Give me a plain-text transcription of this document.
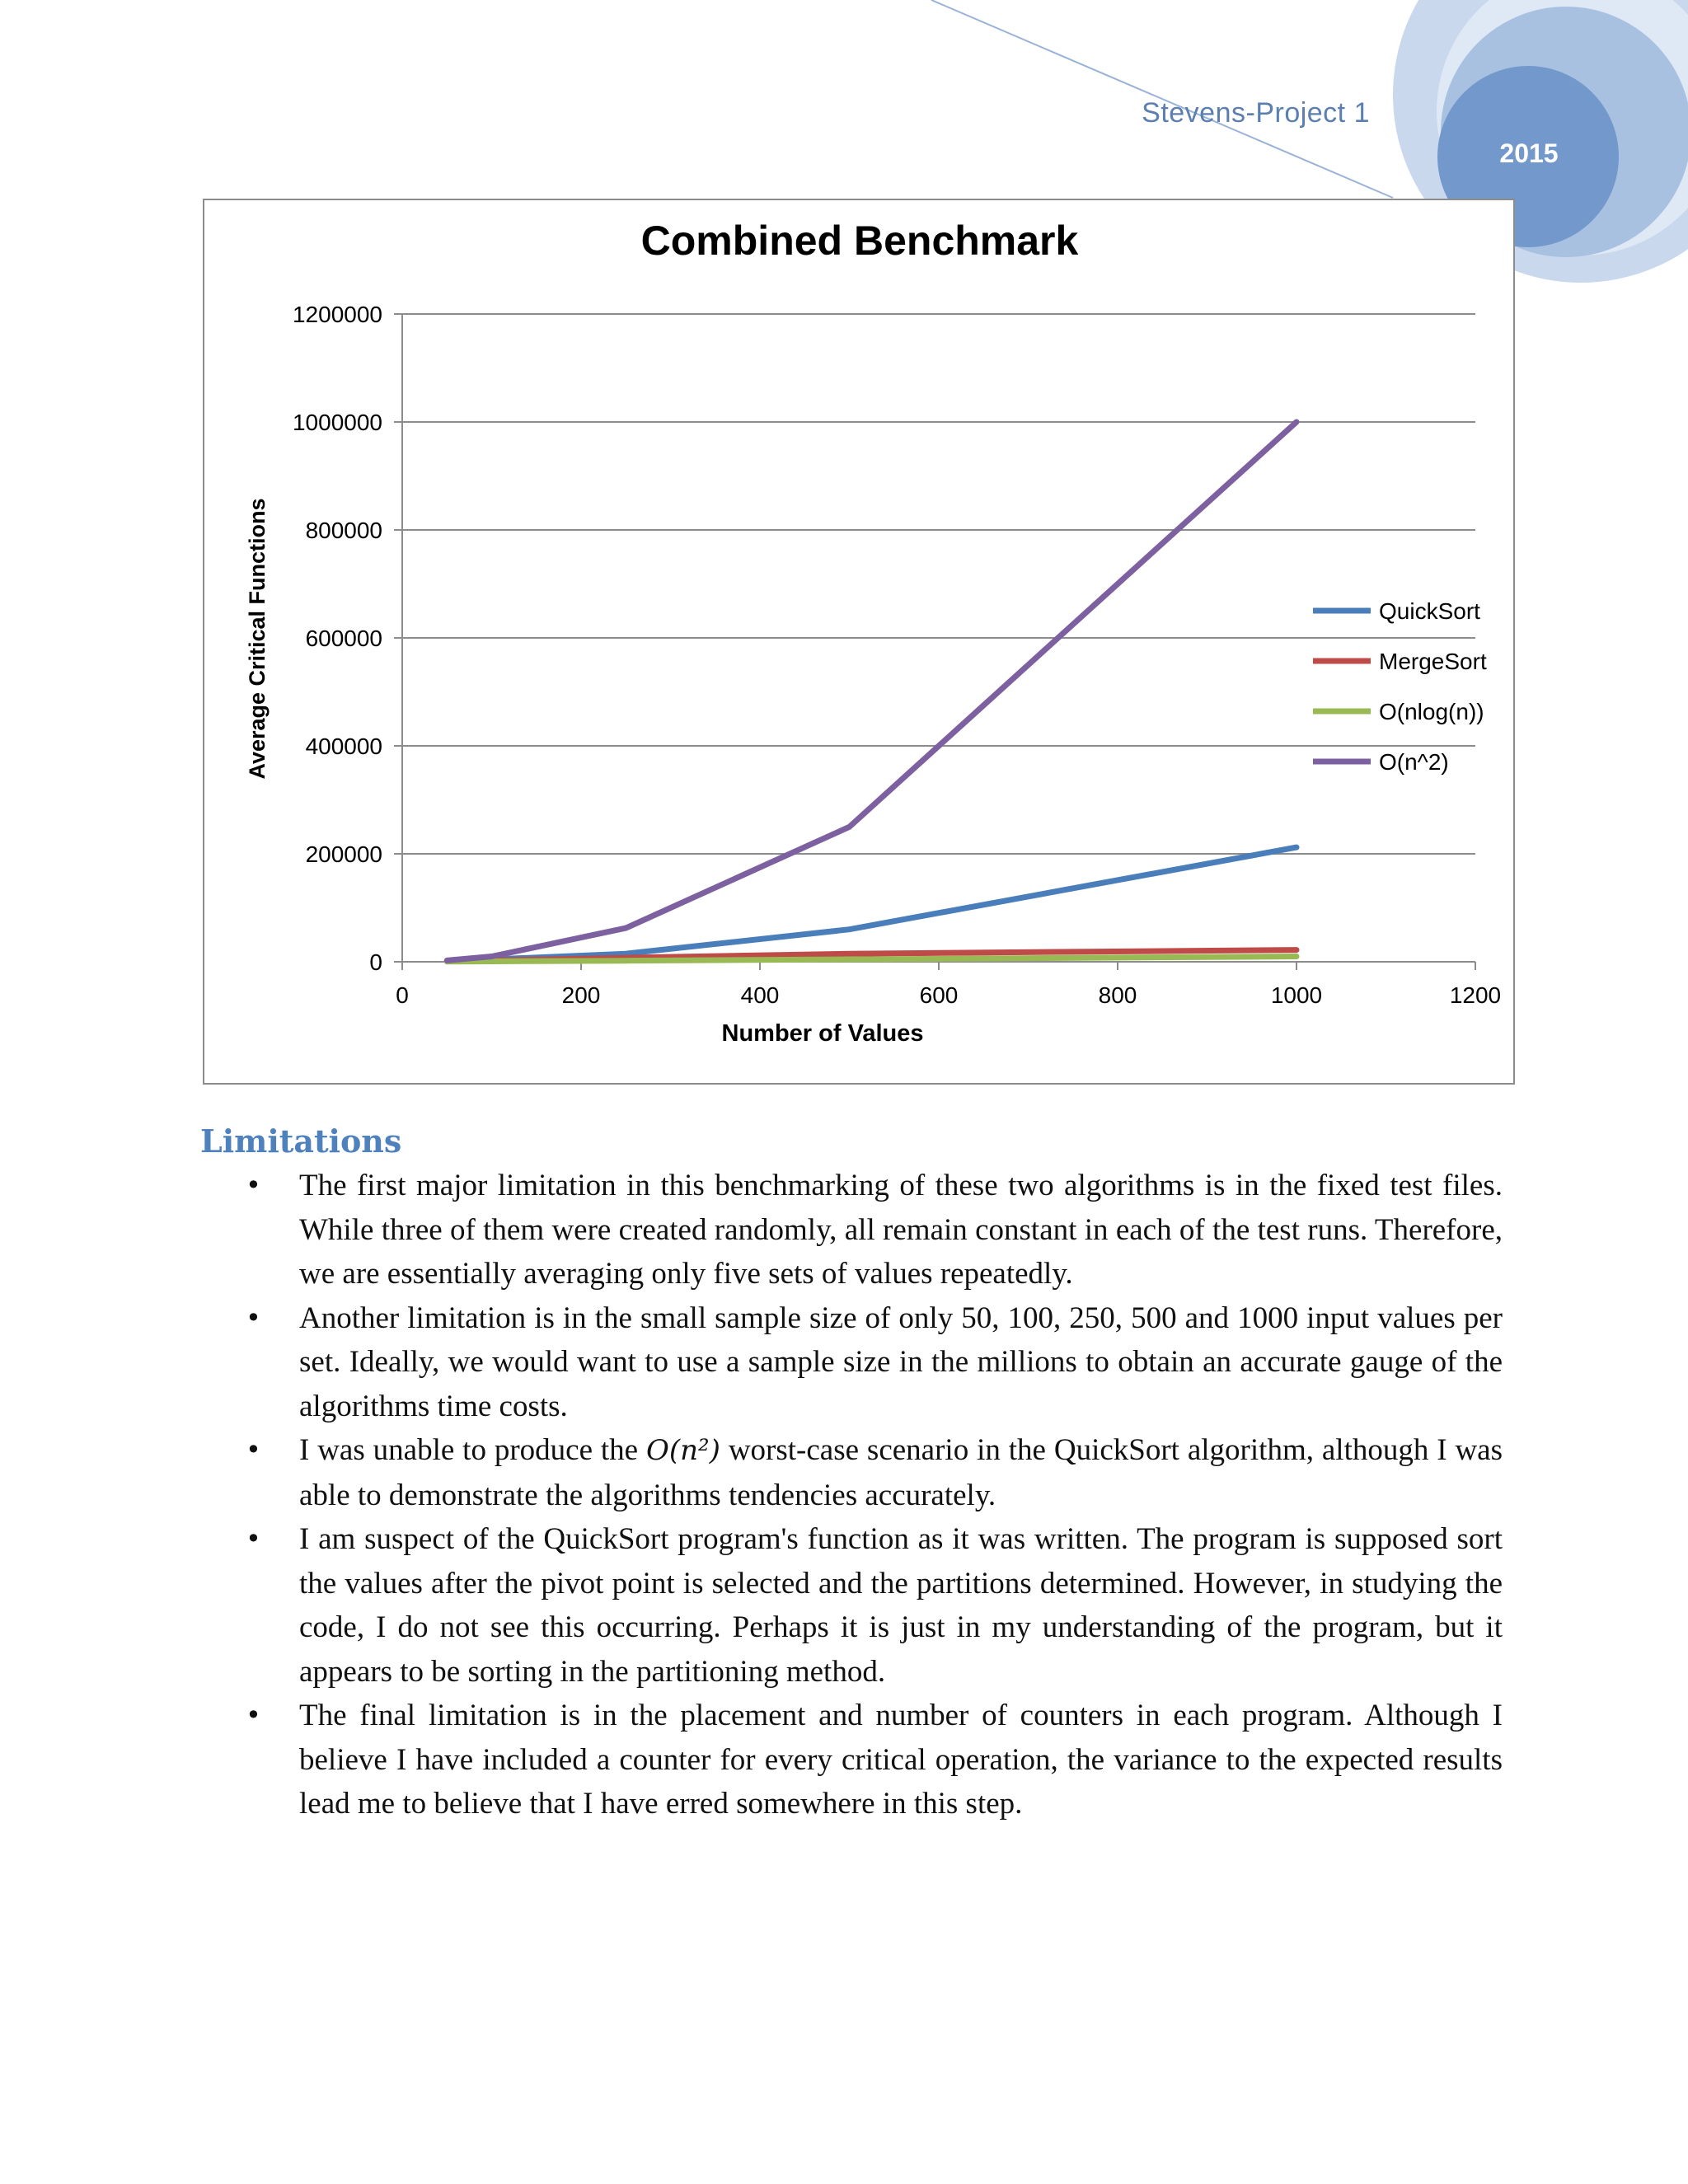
Stevens-Project 1
2015
0
200000
400000
600000
800000
1000000
1200000
0	200	400	600	800	1000	1200
QuickSort
MergeSort
O(nlog(n))
O(n^2)
Combined Benchmark
Number of Values
Average Critical Functions
Limitations
• The first major limitation in this benchmarking of these two algorithms is in the fixed test files. While three of them were created randomly, all remain constant in each of the test runs. Therefore, we are essentially averaging only five sets of values repeatedly.
• Another limitation is in the small sample size of only 50, 100, 250, 500 and 1000 input values per set. Ideally, we would want to use a sample size in the millions to obtain an accurate gauge of the algorithms time costs.
• I was unable to produce the O(n²) worst-case scenario in the QuickSort algorithm, although I was able to demonstrate the algorithms tendencies accurately.
• I am suspect of the QuickSort program's function as it was written. The program is supposed sort the values after the pivot point is selected and the partitions determined. However, in studying the code, I do not see this occurring. Perhaps it is just in my understanding of the program, but it appears to be sorting in the partitioning method.
• The final limitation is in the placement and number of counters in each program. Although I believe I have included a counter for every critical operation, the variance to the expected results lead me to believe that I have erred somewhere in this step.
